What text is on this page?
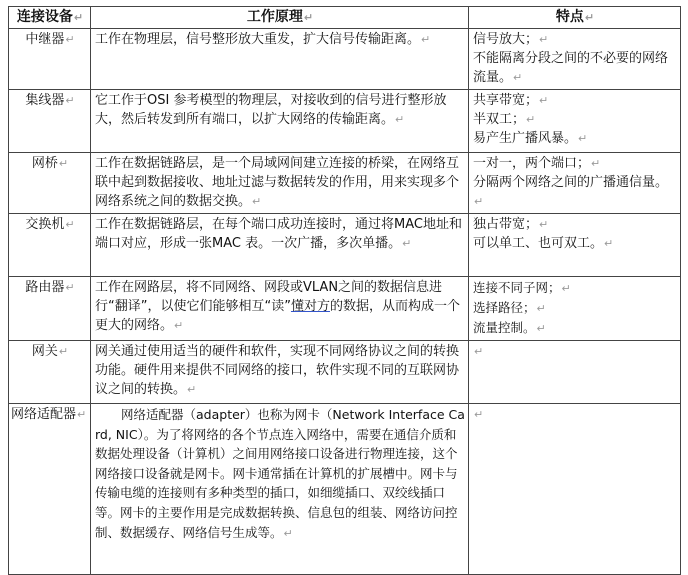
连接设备↵	工作原理↵	特点↵
中继器↵	工作在物理层，信号整形放大重发，扩大信号传输距离。↵	信号放大；↵
不能隔离分段之间的不必要的网络流量。↵

集线器↵	它工作于OSI 参考模型的物理层，对接收到的信号进行整形放大，然后转发到所有端口，以扩大网络的传输距离。↵	共享带宽；↵
半双工；↵
易产生广播风暴。↵

网桥↵	工作在数据链路层，是一个局域网间建立连接的桥梁，在网络互联中起到数据接收、地址过滤与数据转发的作用，用来实现多个网络系统之间的数据交换。↵	一对一，两个端口；↵
分隔两个网络之间的广播通信量。↵

交换机↵	工作在数据链路层，在每个端口成功连接时，通过将MAC地址和端口对应，形成一张MAC 表。一次广播，多次单播。↵	独占带宽；↵
可以单工、也可双工。↵

路由器↵	工作在网路层，将不同网络、网段或VLAN之间的数据信息进行“翻译”，以使它们能够相互“读”懂对方的数据，从而构成一个更大的网络。↵	连接不同子网；↵
选择路径；↵
流量控制。↵

网关↵	网关通过使用适当的硬件和软件，实现不同网络协议之间的转换功能。硬件用来提供不同网络的接口，软件实现不同的互联网协议之间的转换。↵	↵

网络适配器↵	网络适配器（adapter）也称为网卡（Network Interface Card, NIC）。为了将网络的各个节点连入网络中，需要在通信介质和数据处理设备（计算机）之间用网络接口设备进行物理连接，这个网络接口设备就是网卡。网卡通常插在计算机的扩展槽中。网卡与传输电缆的连接则有多种类型的插口，如细缆插口、双绞线插口等。网卡的主要作用是完成数据转换、信息包的组装、网络访问控制、数据缓存、网络信号生成等。↵	↵
